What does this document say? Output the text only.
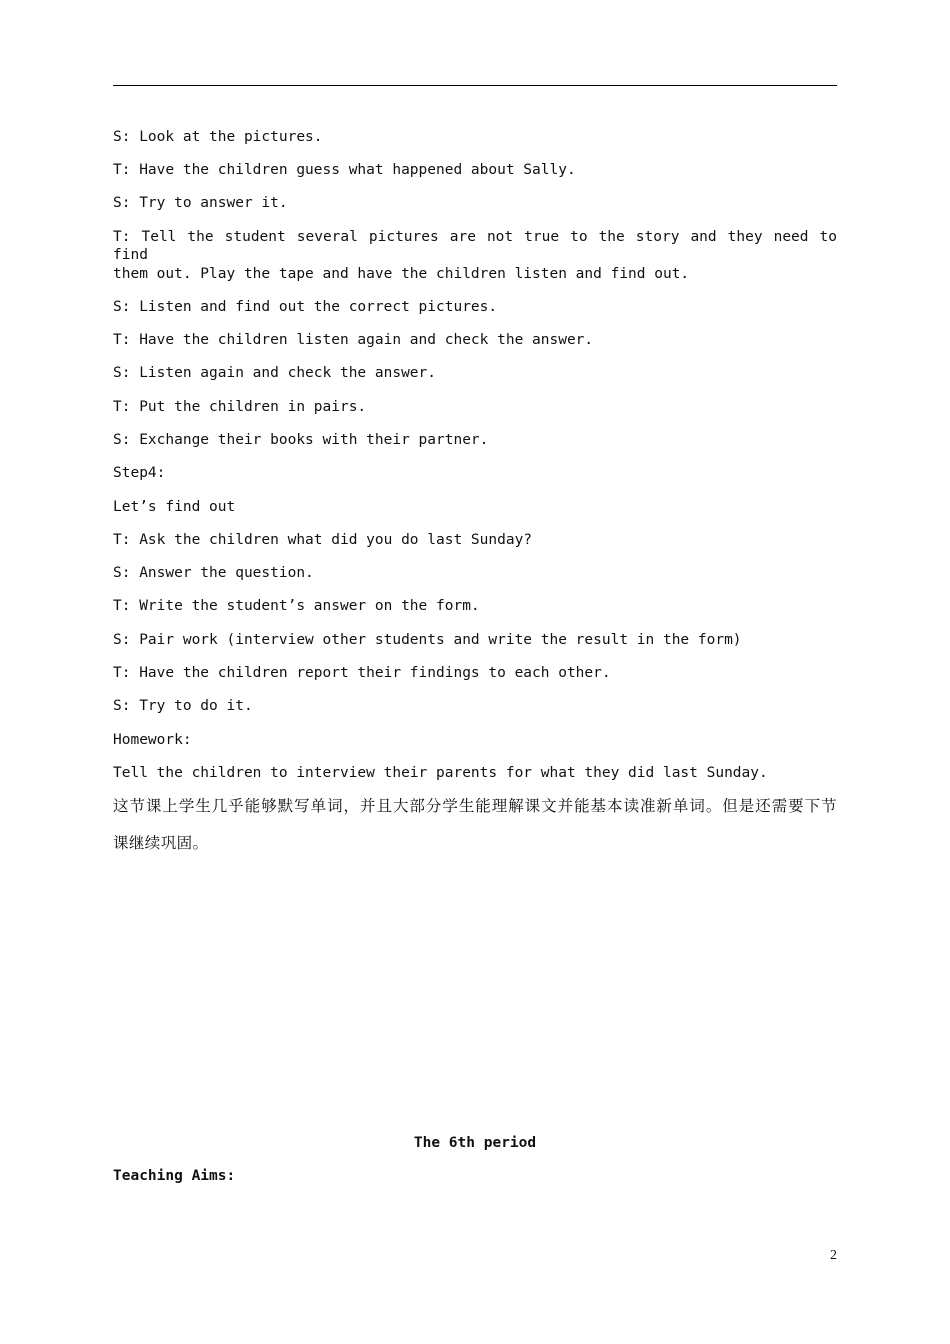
S: Look at the pictures.
T: Have the children guess what happened about Sally.
S: Try to answer it.
T: Tell the student several pictures are not true to the story and they need to find
them out. Play the tape and have the children listen and find out.
S: Listen and find out the correct pictures.
T: Have the children listen again and check the answer.
S: Listen again and check the answer.
T: Put the children in pairs.
S: Exchange their books with their partner.
Step4:
Let’s find out
T: Ask the children what did you do last Sunday?
S: Answer the question.
T: Write the student’s answer on the form.
S: Pair work (interview other students and write the result in the form)
T: Have the children report their findings to each other.
S: Try to do it.
Homework:
Tell the children to interview their parents for what they did last Sunday.
这节课上学生几乎能够默写单词，并且大部分学生能理解课文并能基本读准新单词。但是还需要下节
课继续巩固。
The 6th period
Teaching Aims:
2
